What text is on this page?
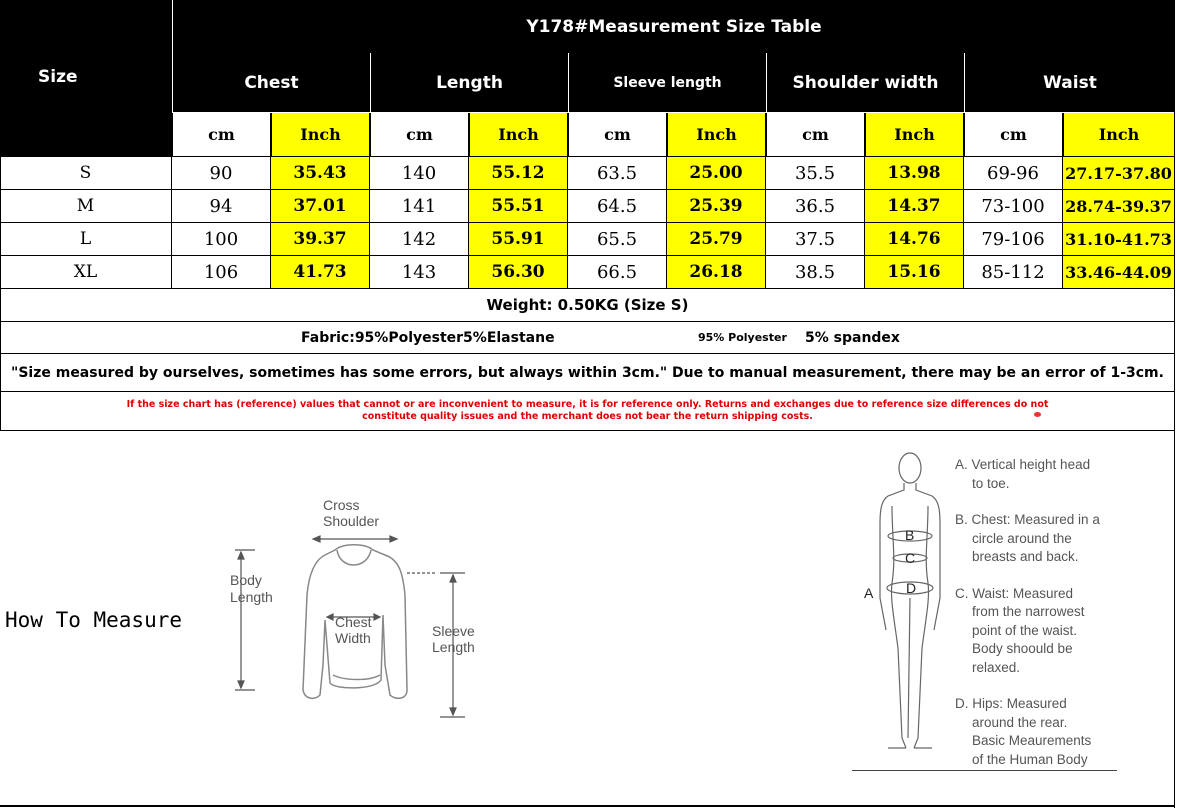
Size
Y178#Measurement Size Table
Chest	Length	Sleeve length	Shoulder width	Waist
cm	Inch	cm	Inch	cm	Inch	cm	Inch	cm	Inch
S	90	35.43	140	55.12	63.5	25.00	35.5	13.98	69-96	27.17-37.80
M	94	37.01	141	55.51	64.5	25.39	36.5	14.37	73-100	28.74-39.37
L	100	39.37	142	55.91	65.5	25.79	37.5	14.76	79-106	31.10-41.73
XL	106	41.73	143	56.30	66.5	26.18	38.5	15.16	85-112	33.46-44.09
Weight: 0.50KG (Size S)
Fabric:95%Polyester5%Elastane	95% Polyester 5% spandex
"Size measured by ourselves, sometimes has some errors, but always within 3cm." Due to manual measurement, there may be an error of 1-3cm.
If the size chart has (reference) values that cannot or are inconvenient to measure, it is for reference only. Returns and exchanges due to reference size differences do not
constitute quality issues and the merchant does not bear the return shipping costs.
How To Measure
Cross
Shoulder
Body
Length
Chest
Width	Sleeve
Length
B
C
D
A
A. Vertical height head
to toe.
B. Chest: Measured in a
circle around the
breasts and back.
C. Waist: Measured
from the narrowest
point of the waist.
Body shoould be
relaxed.
D. Hips: Measured
around the rear.
Basic Meaurements
of the Human Body
